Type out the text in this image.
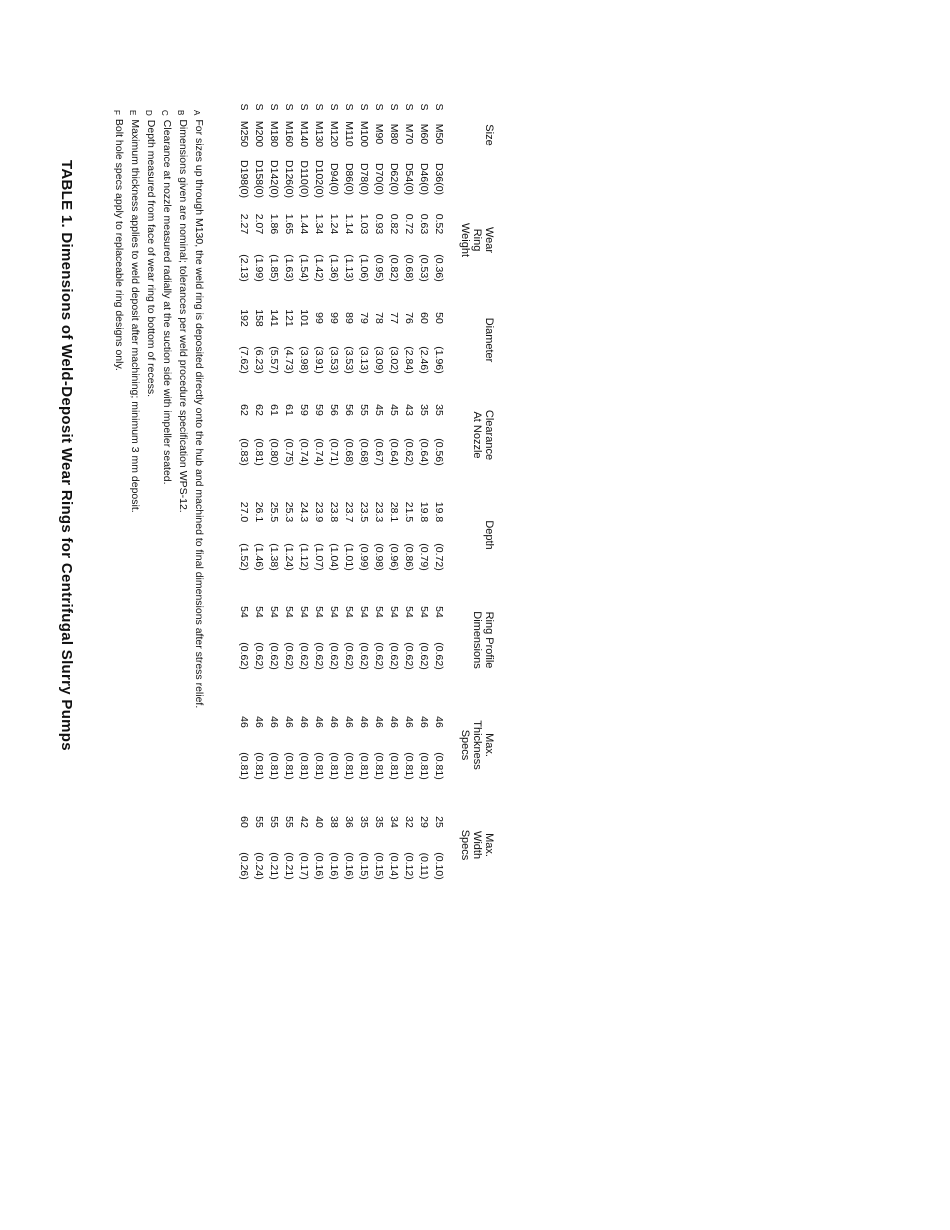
Size
Wear
Ring
Weight
Diameter
Clearance
At Nozzle
Depth
Ring Profile
Dimensions
Max.
Thickness
Specs
Max.
Width
Specs
TABLE 1. Dimensions of Weld-Deposit Wear Rings for Centrifugal Slurry Pumps
S
M50
D36(0)
0.52
(0.36)
50
(1.96)
35
(0.56)
19.8
(0.72)
54
(0.62)
46
(0.81)
25
(0.10)
S
M60
D46(0)
0.63
(0.53)
60
(2.46)
35
(0.64)
19.8
(0.79)
54
(0.62)
46
(0.81)
29
(0.11)
S
M70
D54(0)
0.72
(0.68)
76
(2.84)
43
(0.62)
21.5
(0.86)
54
(0.62)
46
(0.81)
32
(0.12)
S
M80
D62(0)
0.82
(0.82)
77
(3.02)
45
(0.64)
28.1
(0.96)
54
(0.62)
46
(0.81)
34
(0.14)
S
M90
D70(0)
0.93
(0.95)
78
(3.09)
45
(0.67)
23.3
(0.98)
54
(0.62)
46
(0.81)
35
(0.15)
S
M100
D78(0)
1.03
(1.06)
79
(3.13)
55
(0.68)
23.5
(0.99)
54
(0.62)
46
(0.81)
35
(0.15)
S
M110
D86(0)
1.14
(1.13)
89
(3.53)
56
(0.68)
23.7
(1.01)
54
(0.62)
46
(0.81)
36
(0.16)
S
M120
D94(0)
1.24
(1.36)
99
(3.53)
56
(0.71)
23.8
(1.04)
54
(0.62)
46
(0.81)
38
(0.16)
S
M130
D102(0)
1.34
(1.42)
99
(3.91)
59
(0.74)
23.9
(1.07)
54
(0.62)
46
(0.81)
40
(0.16)
S
M140
D110(0)
1.44
(1.54)
101
(3.98)
59
(0.74)
24.3
(1.12)
54
(0.62)
46
(0.81)
42
(0.17)
S
M160
D126(0)
1.65
(1.63)
121
(4.73)
61
(0.75)
25.3
(1.24)
54
(0.62)
46
(0.81)
55
(0.21)
S
M180
D142(0)
1.86
(1.85)
141
(5.57)
61
(0.80)
25.5
(1.38)
54
(0.62)
46
(0.81)
55
(0.21)
S
M200
D158(0)
2.07
(1.99)
158
(6.23)
62
(0.81)
26.1
(1.46)
54
(0.62)
46
(0.81)
55
(0.24)
S
M250
D198(0)
2.27
(2.13)
192
(7.62)
62
(0.83)
27.0
(1.52)
54
(0.62)
46
(0.81)
60
(0.26)
AFor sizes up through M130, the weld ring is deposited directly onto the hub and machined to final dimensions after stress relief.
BDimensions given are nominal; tolerances per weld procedure specification WPS-12.
CClearance at nozzle measured radially at the suction side with impeller seated.
DDepth measured from face of wear ring to bottom of recess.
EMaximum thickness applies to weld deposit after machining; minimum 3 mm deposit.
FBolt hole specs apply to replaceable ring designs only.
